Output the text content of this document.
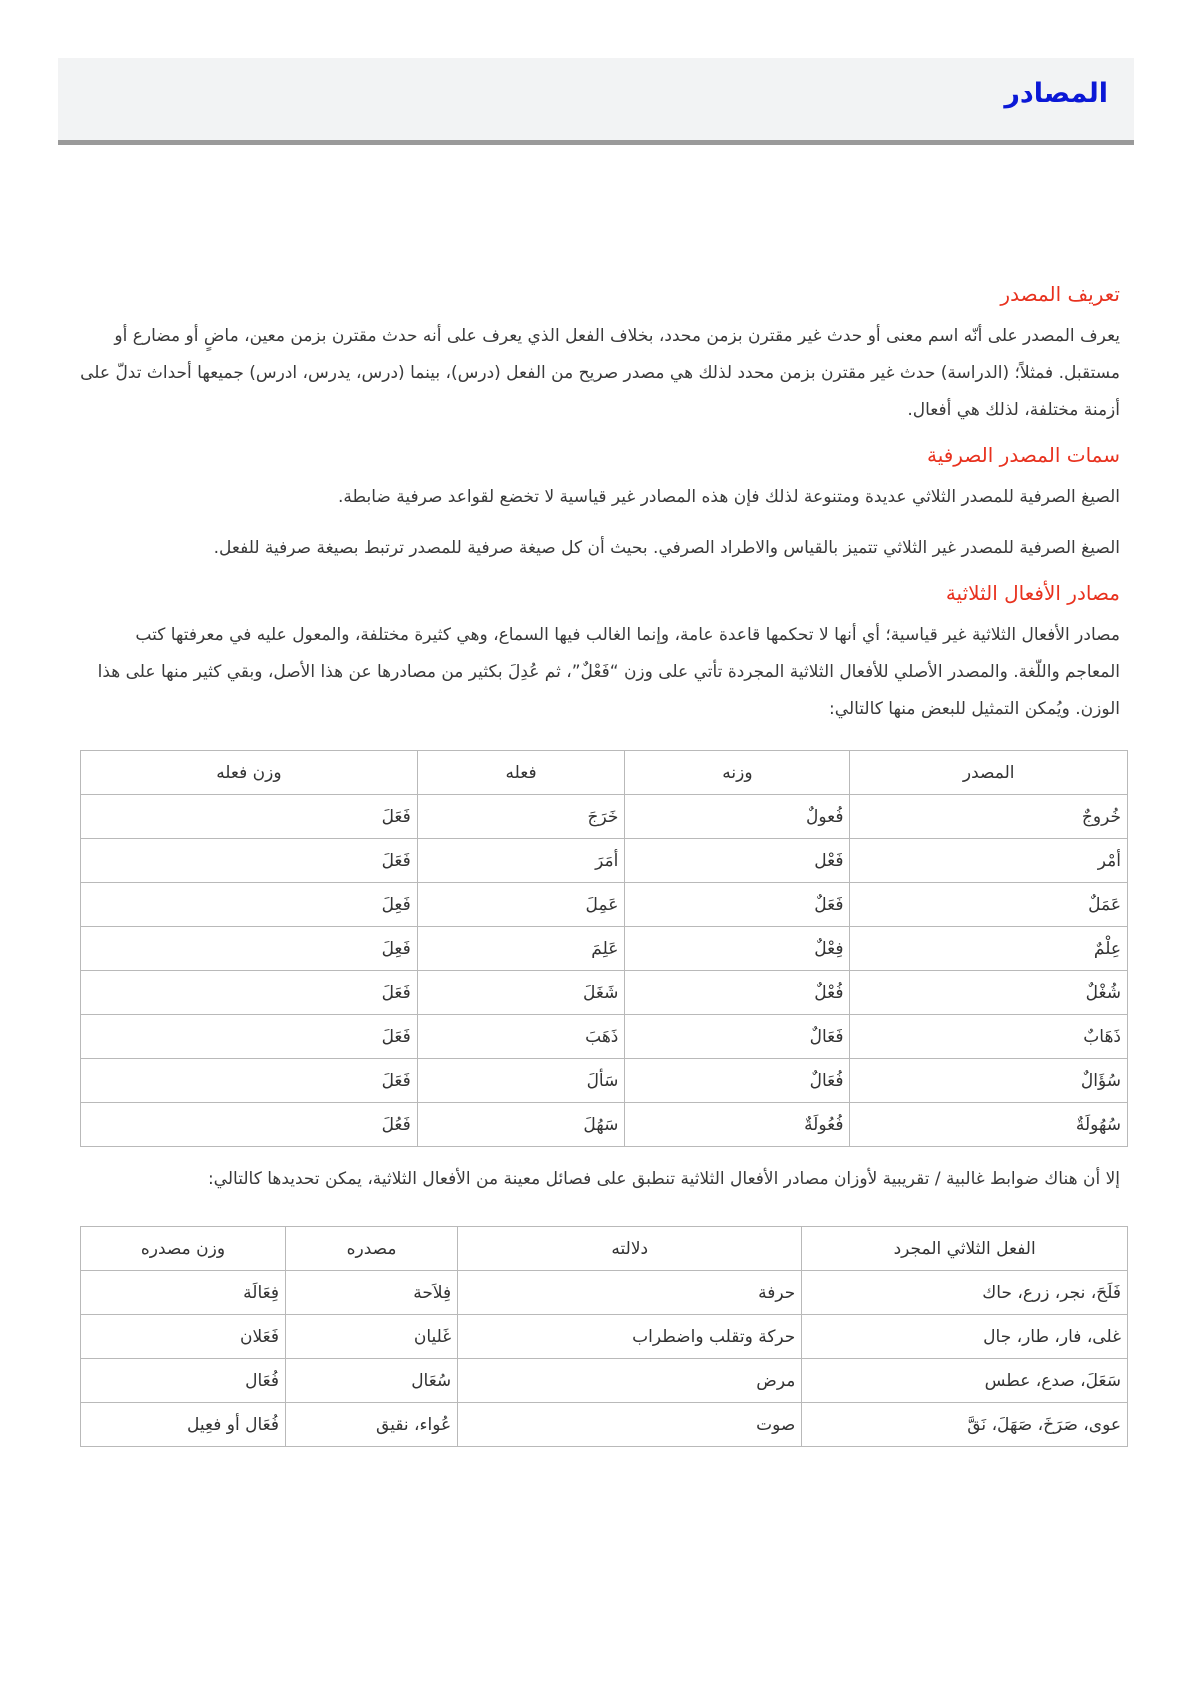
المصادر
تعريف المصدر

يعرف المصدر على أنّه اسم معنى أو حدث غير مقترن بزمن محدد، بخلاف الفعل الذي يعرف على أنه حدث مقترن بزمن معين، ماضٍ أو مضارع أو مستقبل. فمثلاً؛ (الدراسة) حدث غير مقترن بزمن محدد لذلك هي مصدر صريح من الفعل (درس)، بينما (درس، يدرس، ادرس) جميعها أحداث تدلّ على أزمنة مختلفة، لذلك هي أفعال.

سمات المصدر الصرفية

الصيغ الصرفية للمصدر الثلاثي عديدة ومتنوعة لذلك فإن هذه المصادر غير قياسية لا تخضع لقواعد صرفية ضابطة.

الصيغ الصرفية للمصدر غير الثلاثي تتميز بالقياس والاطراد الصرفي. بحيث أن كل صيغة صرفية للمصدر ترتبط بصيغة صرفية للفعل.

مصادر الأفعال الثلاثية

مصادر الأفعال الثلاثية غير قياسية؛ أي أنها لا تحكمها قاعدة عامة، وإنما الغالب فيها السماع، وهي كثيرة مختلفة، والمعول عليه في معرفتها كتب المعاجم واللّغة. والمصدر الأصلي للأفعال الثلاثية المجردة تأتي على وزن “فَعْلٌ”، ثم عُدِلَ بكثير من مصادرها عن هذا الأصل، وبقي كثير منها على هذا الوزن. ويُمكن التمثيل للبعض منها كالتالي:

المصدر	وزنه	فعله	وزن فعله
خُروجٌ	فُعولٌ	خَرَجَ	فَعَلَ
أمْر	فَعْل	أمَرَ	فَعَلَ
عَمَلٌ	فَعَلٌ	عَمِلَ	فَعِلَ
عِلْمٌ	فِعْلٌ	عَلِمَ	فَعِلَ
شُغْلٌ	فُعْلٌ	شَغَلَ	فَعَلَ
ذَهَابٌ	فَعَالٌ	ذَهَبَ	فَعَلَ
سُؤَالٌ	فُعَالٌ	سَألَ	فَعَلَ
سُهُولَةٌ	فُعُولَةٌ	سَهُلَ	فَعُلَ

إلا أن هناك ضوابط غالبية / تقريبية لأوزان مصادر الأفعال الثلاثية تنطبق على فصائل معينة من الأفعال الثلاثية، يمكن تحديدها كالتالي:

الفعل الثلاثي المجرد	دلالته	مصدره	وزن مصدره
فَلَحَ، نجر، زرع، حاك	حرفة	فِلاَحة	فِعَالَة
غلى، فار، طار، جال	حركة وتقلب واضطراب	غَليان	فَعَلان
سَعَلَ، صدع، عطس	مرض	سُعَال	فُعَال
عوى، صَرَخَ، صَهَلَ، نَقَّ	صوت	عُواء، نقيق	فُعَال أو فعِيل
